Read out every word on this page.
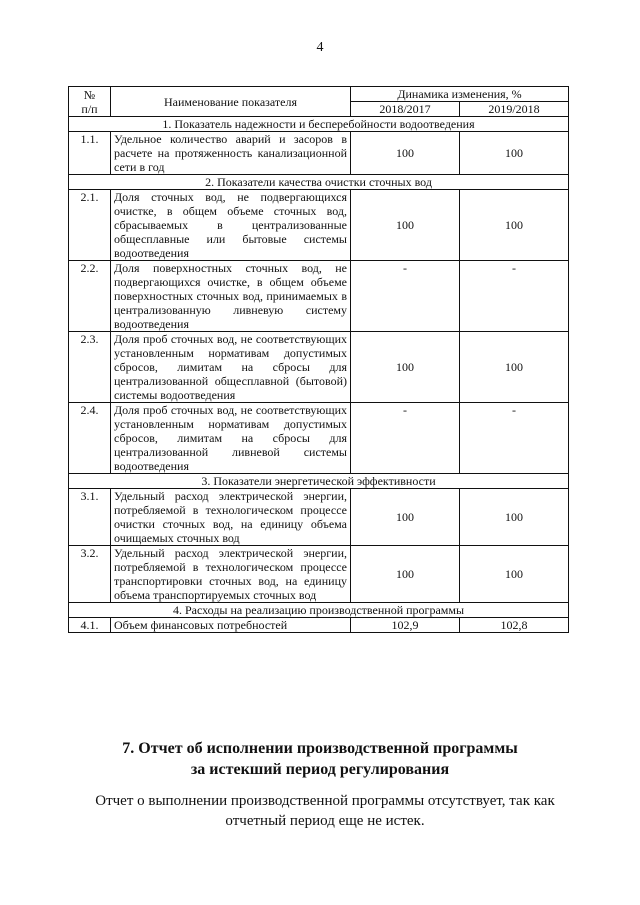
4
№
п/п	Наименование показателя	Динамика изменения, %	
		2018/2017	2019/2018
1. Показатель надежности и бесперебойности водоотведения			
1.1.	Удельное количество аварий и засоров в расчете на протяженность канализационной сети в год	100	100
2. Показатели качества очистки сточных вод			
2.1.	Доля сточных вод, не подвергающихся очистке, в общем объеме сточных вод, сбрасываемых в централизованные общесплавные или бытовые системы водоотведения	100	100
2.2.	Доля поверхностных сточных вод, не подвергающихся очистке, в общем объеме поверхностных сточных вод, принимаемых в централизованную ливневую систему водоотведения	-	-
2.3.	Доля проб сточных вод, не соответствующих установленным нормативам допустимых сбросов, лимитам на сбросы для централизованной общесплавной (бытовой) системы водоотведения	100	100
2.4.	Доля проб сточных вод, не соответствующих установленным нормативам допустимых сбросов, лимитам на сбросы для централизованной ливневой системы водоотведения	-	-
3. Показатели энергетической эффективности			
3.1.	Удельный расход электрической энергии, потребляемой в технологическом процессе очистки сточных вод, на единицу объема очищаемых сточных вод	100	100
3.2.	Удельный расход электрической энергии, потребляемой в технологическом процессе транспортировки сточных вод, на единицу объема транспортируемых сточных вод	100	100
4. Расходы на реализацию производственной программы			
4.1.	Объем финансовых потребностей	102,9	102,8
7. Отчет об исполнении производственной программы
за истекший период регулирования
Отчет о выполнении производственной программы отсутствует, так как отчетный период еще не истек.
